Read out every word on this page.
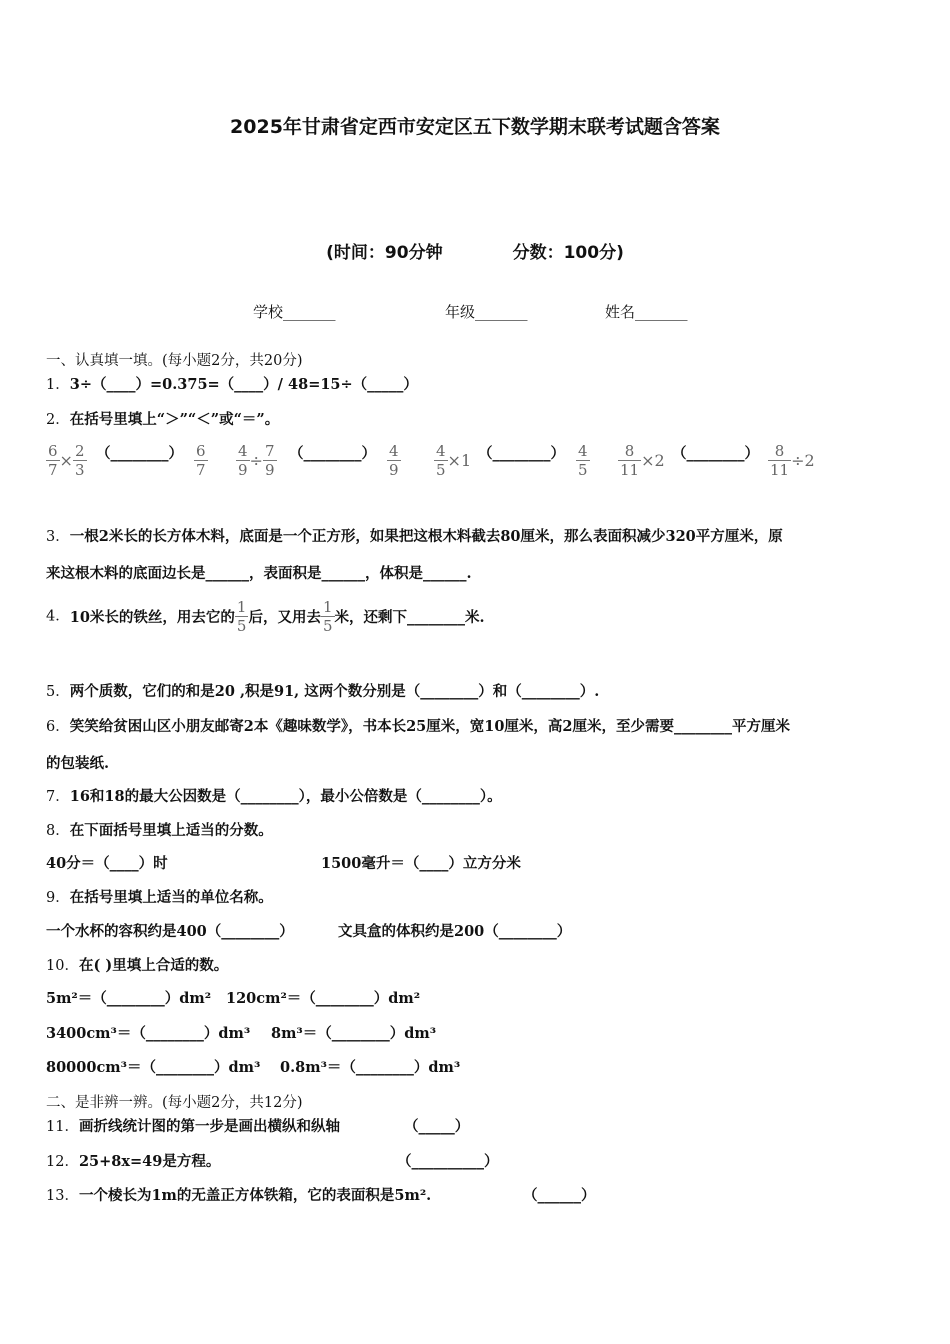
2025年甘肃省定西市安定区五下数学期末联考试题含答案
(时间：90分钟	分数：100分)
学校_______	年级_______	姓名_______
一、认真填一填。(每小题2分，共20分)
1．3÷（____）=0.375=（____）/ 48=15÷（_____）
2．在括号里填上“＞”“＜”或“＝”。
$\frac{6}{7} \times \frac{2}{3}$ （________） $\frac{6}{7} \frac{4}{9} \div \frac{7}{9}$ （________） $\frac{4}{9} \frac{4}{5} \times 1$ （________） $\frac{4}{5} \frac{8}{11} \times 2$ （________） $\frac{8}{11} \div 2$
3．一根2米长的长方体木料，底面是一个正方形，如果把这根木料截去80厘米，那么表面积减少320平方厘米，原
来这根木料的底面边长是______，表面积是______，体积是______.
4．10米长的铁丝，用去它的 $\frac{1}{5}$ 后，又用去 $\frac{1}{5}$ 米，还剩下________米.
5．两个质数，它们的和是20 ,积是91, 这两个数分别是（________）和（________）.
6．笑笑给贫困山区小朋友邮寄2本《趣味数学》，书本长25厘米，宽10厘米，高2厘米，至少需要________平方厘米
的包装纸.
7．16和18的最大公因数是（________），最小公倍数是（________）。
8．在下面括号里填上适当的分数。
40分＝（____）时	1500毫升＝（____）立方分米
9．在括号里填上适当的单位名称。
一个水杯的容积约是400（________）	文具盒的体积约是200（________）
10．在( )里填上合适的数。
5m²＝（________）dm² 120cm²＝（________）dm²
3400cm³＝（________）dm³ 8m³＝（________）dm³
80000cm³＝（________）dm³ 0.8m³＝（________）dm³
二、是非辨一辨。(每小题2分，共12分)
11．画折线统计图的第一步是画出横纵和纵轴	（_____）
12．25+8x=49是方程。	（__________）
13．一个棱长为1m的无盖正方体铁箱，它的表面积是5m².	（______）
